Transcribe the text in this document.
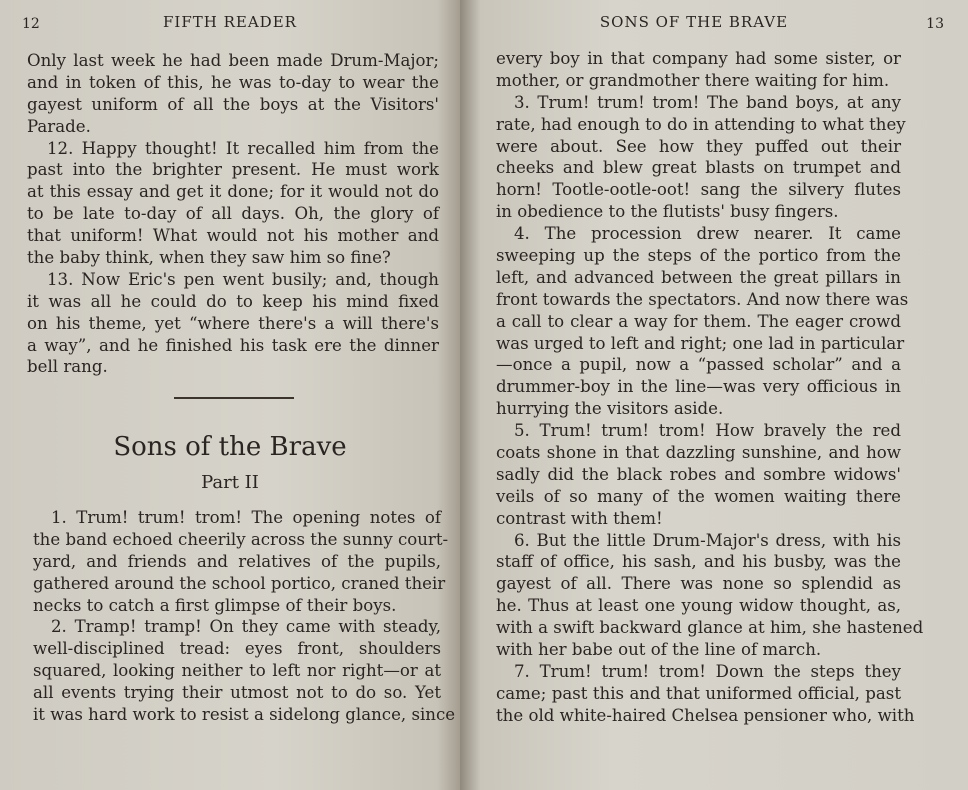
12	FIFTH READER
Only last week he had been made Drum-Major;
and in token of this, he was to-day to wear the
gayest uniform of all the boys at the Visitors'
Parade.
12. Happy thought! It recalled him from the
past into the brighter present. He must work
at this essay and get it done; for it would not do
to be late to-day of all days. Oh, the glory of
that uniform! What would not his mother and
the baby think, when they saw him so fine?
13. Now Eric's pen went busily; and, though
it was all he could do to keep his mind fixed
on his theme, yet “where there's a will there's
a way”, and he finished his task ere the dinner
bell rang.
Sons of the Brave
Part II
1. Trum! trum! trom! The opening notes of
the band echoed cheerily across the sunny court-
yard, and friends and relatives of the pupils,
gathered around the school portico, craned their
necks to catch a first glimpse of their boys.
2. Tramp! tramp! On they came with steady,
well-disciplined tread: eyes front, shoulders
squared, looking neither to left nor right—or at
all events trying their utmost not to do so. Yet
it was hard work to resist a sidelong glance, since
SONS OF THE BRAVE	13
every boy in that company had some sister, or
mother, or grandmother there waiting for him.
3. Trum! trum! trom! The band boys, at any
rate, had enough to do in attending to what they
were about. See how they puffed out their
cheeks and blew great blasts on trumpet and
horn! Tootle-ootle-oot! sang the silvery flutes
in obedience to the flutists' busy fingers.
4. The procession drew nearer. It came
sweeping up the steps of the portico from the
left, and advanced between the great pillars in
front towards the spectators. And now there was
a call to clear a way for them. The eager crowd
was urged to left and right; one lad in particular
—once a pupil, now a “passed scholar” and a
drummer-boy in the line—was very officious in
hurrying the visitors aside.
5. Trum! trum! trom! How bravely the red
coats shone in that dazzling sunshine, and how
sadly did the black robes and sombre widows'
veils of so many of the women waiting there
contrast with them!
6. But the little Drum-Major's dress, with his
staff of office, his sash, and his busby, was the
gayest of all. There was none so splendid as
he. Thus at least one young widow thought, as,
with a swift backward glance at him, she hastened
with her babe out of the line of march.
7. Trum! trum! trom! Down the steps they
came; past this and that uniformed official, past
the old white-haired Chelsea pensioner who, with
